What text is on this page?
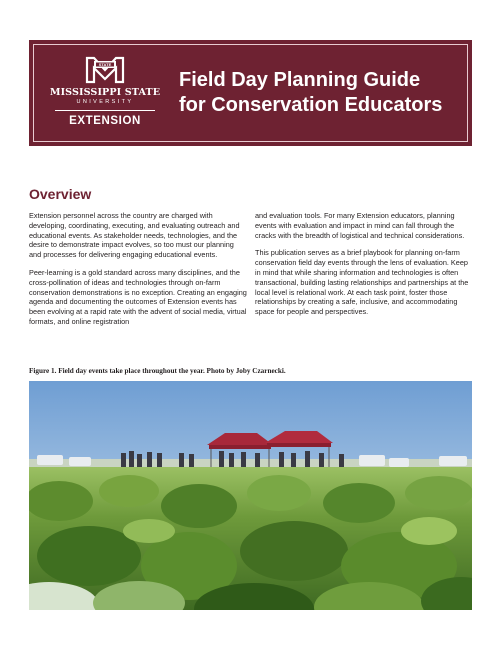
STATE
MISSISSIPPI STATE
UNIVERSITY
EXTENSION
Field Day Planning Guide
for Conservation Educators
Overview

Extension personnel across the country are charged with developing, coordinating, executing, and evaluating outreach and educational events. As stakeholder needs, technologies, and the desire to demonstrate impact evolves, so too must our planning and processes for delivering engaging educational events.

Peer-learning is a gold standard across many disciplines, and the cross-pollination of ideas and technologies through on-farm conservation demonstrations is no exception. Creating an engaging agenda and documenting the outcomes of Extension events has been evolving at a rapid rate with the advent of social media, virtual formats, and online registration

and evaluation tools. For many Extension educators, planning events with evaluation and impact in mind can fall through the cracks with the breadth of logistical and technical considerations.

This publication serves as a brief playbook for planning on-farm conservation field day events through the lens of evaluation. Keep in mind that while sharing information and technologies is often transactional, building lasting relationships and partnerships at the local level is relational work. At each task point, foster those relationships by creating a safe, inclusive, and accommodating space for people and perspectives.

Figure 1. Field day events take place throughout the year. Photo by Joby Czarnecki.
